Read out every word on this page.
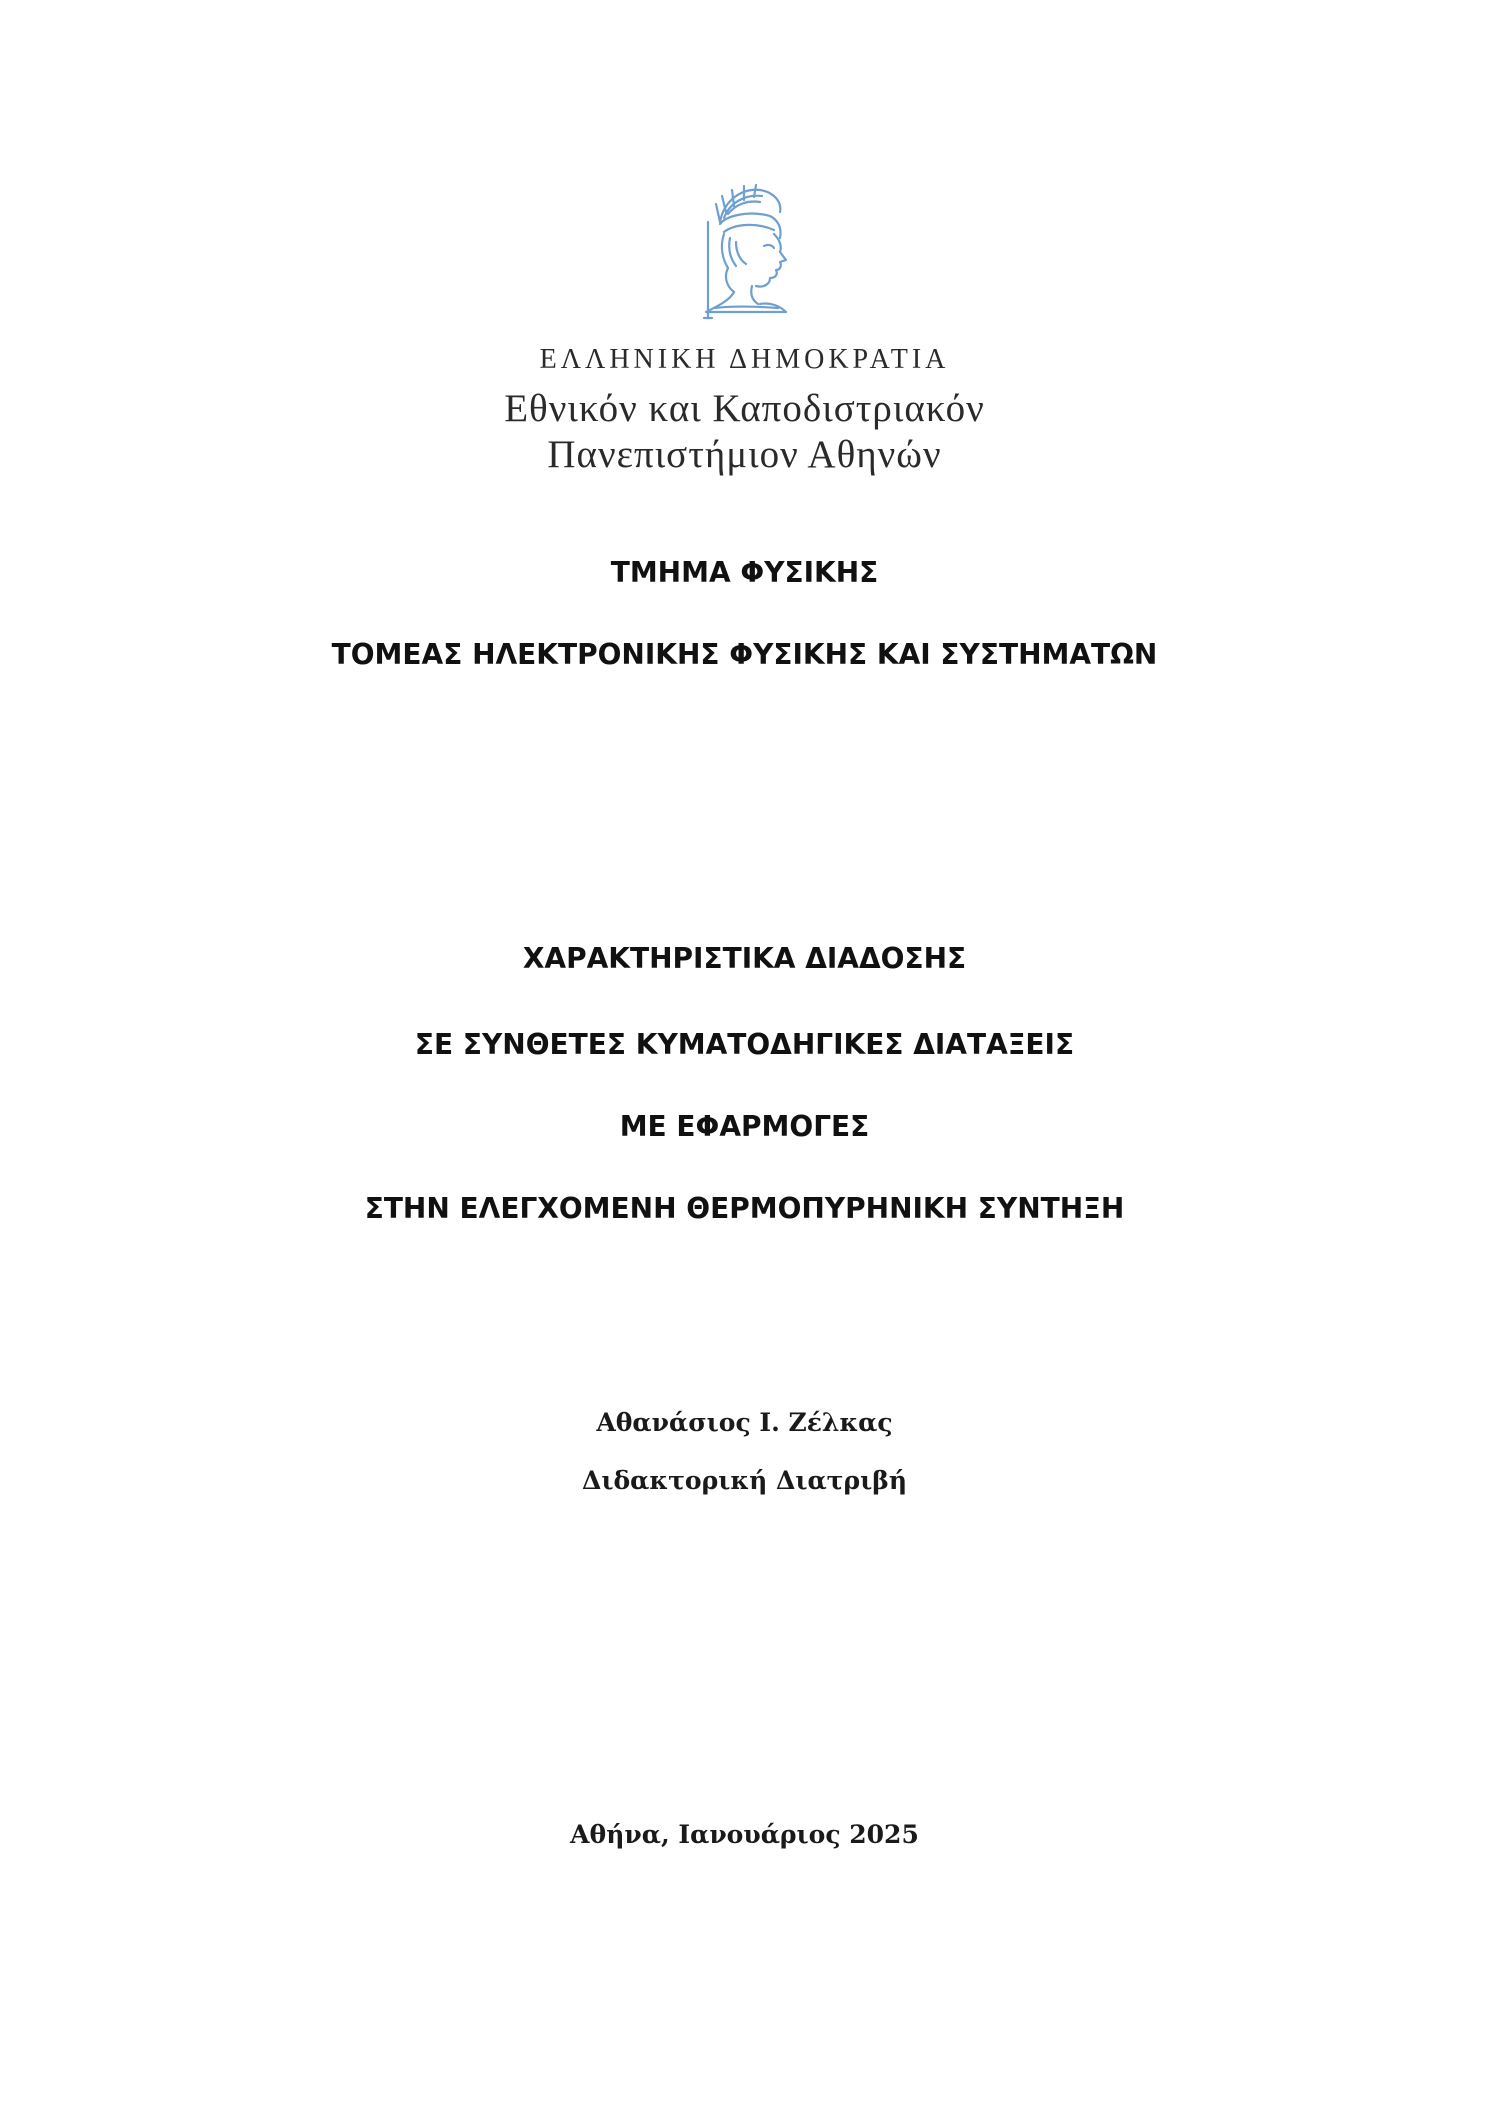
ΕΛΛΗΝΙΚΗ ΔΗΜΟΚΡΑΤΙΑ
Εθνικόν και Καποδιστριακόν
Πανεπιστήμιον Αθηνών
ΤΜΗΜΑ ΦΥΣΙΚΗΣ
ΤΟΜΕΑΣ ΗΛΕΚΤΡΟΝΙΚΗΣ ΦΥΣΙΚΗΣ ΚΑΙ ΣΥΣΤΗΜΑΤΩΝ
ΧΑΡΑΚΤΗΡΙΣΤΙΚΑ ΔΙΑΔΟΣΗΣ
ΣΕ ΣΥΝΘΕΤΕΣ ΚΥΜΑΤΟΔΗΓΙΚΕΣ ΔΙΑΤΑΞΕΙΣ
ΜΕ ΕΦΑΡΜΟΓΕΣ
ΣΤΗΝ ΕΛΕΓΧΟΜΕΝΗ ΘΕΡΜΟΠΥΡΗΝΙΚΗ ΣΥΝΤΗΞΗ
Αθανάσιος Ι. Ζέλκας
Διδακτορική Διατριβή
Αθήνα, Ιανουάριος 2025
